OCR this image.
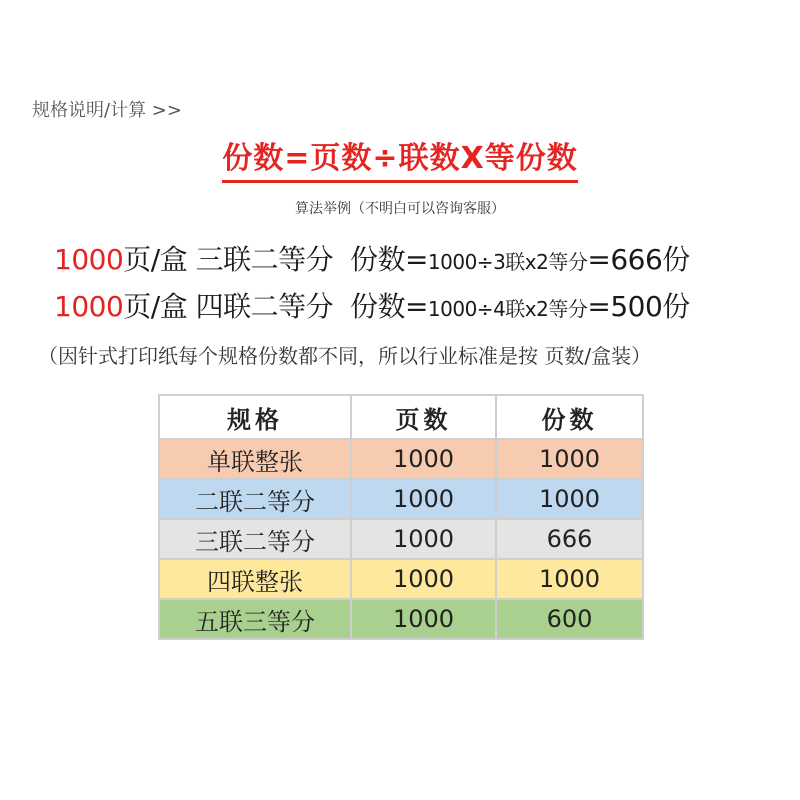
规格说明/计算 >>
份数=页数÷联数X等份数
算法举例（不明白可以咨询客服）
1000页/盒 三联二等分 份数=1000÷3联x2等分=666份
1000页/盒 四联二等分 份数=1000÷4联x2等分=500份
（因针式打印纸每个规格份数都不同，所以行业标准是按 页数/盒装）
规格	页数	份数
单联整张	1000	1000
二联二等分	1000	1000
三联二等分	1000	666
四联整张	1000	1000
五联三等分	1000	600
